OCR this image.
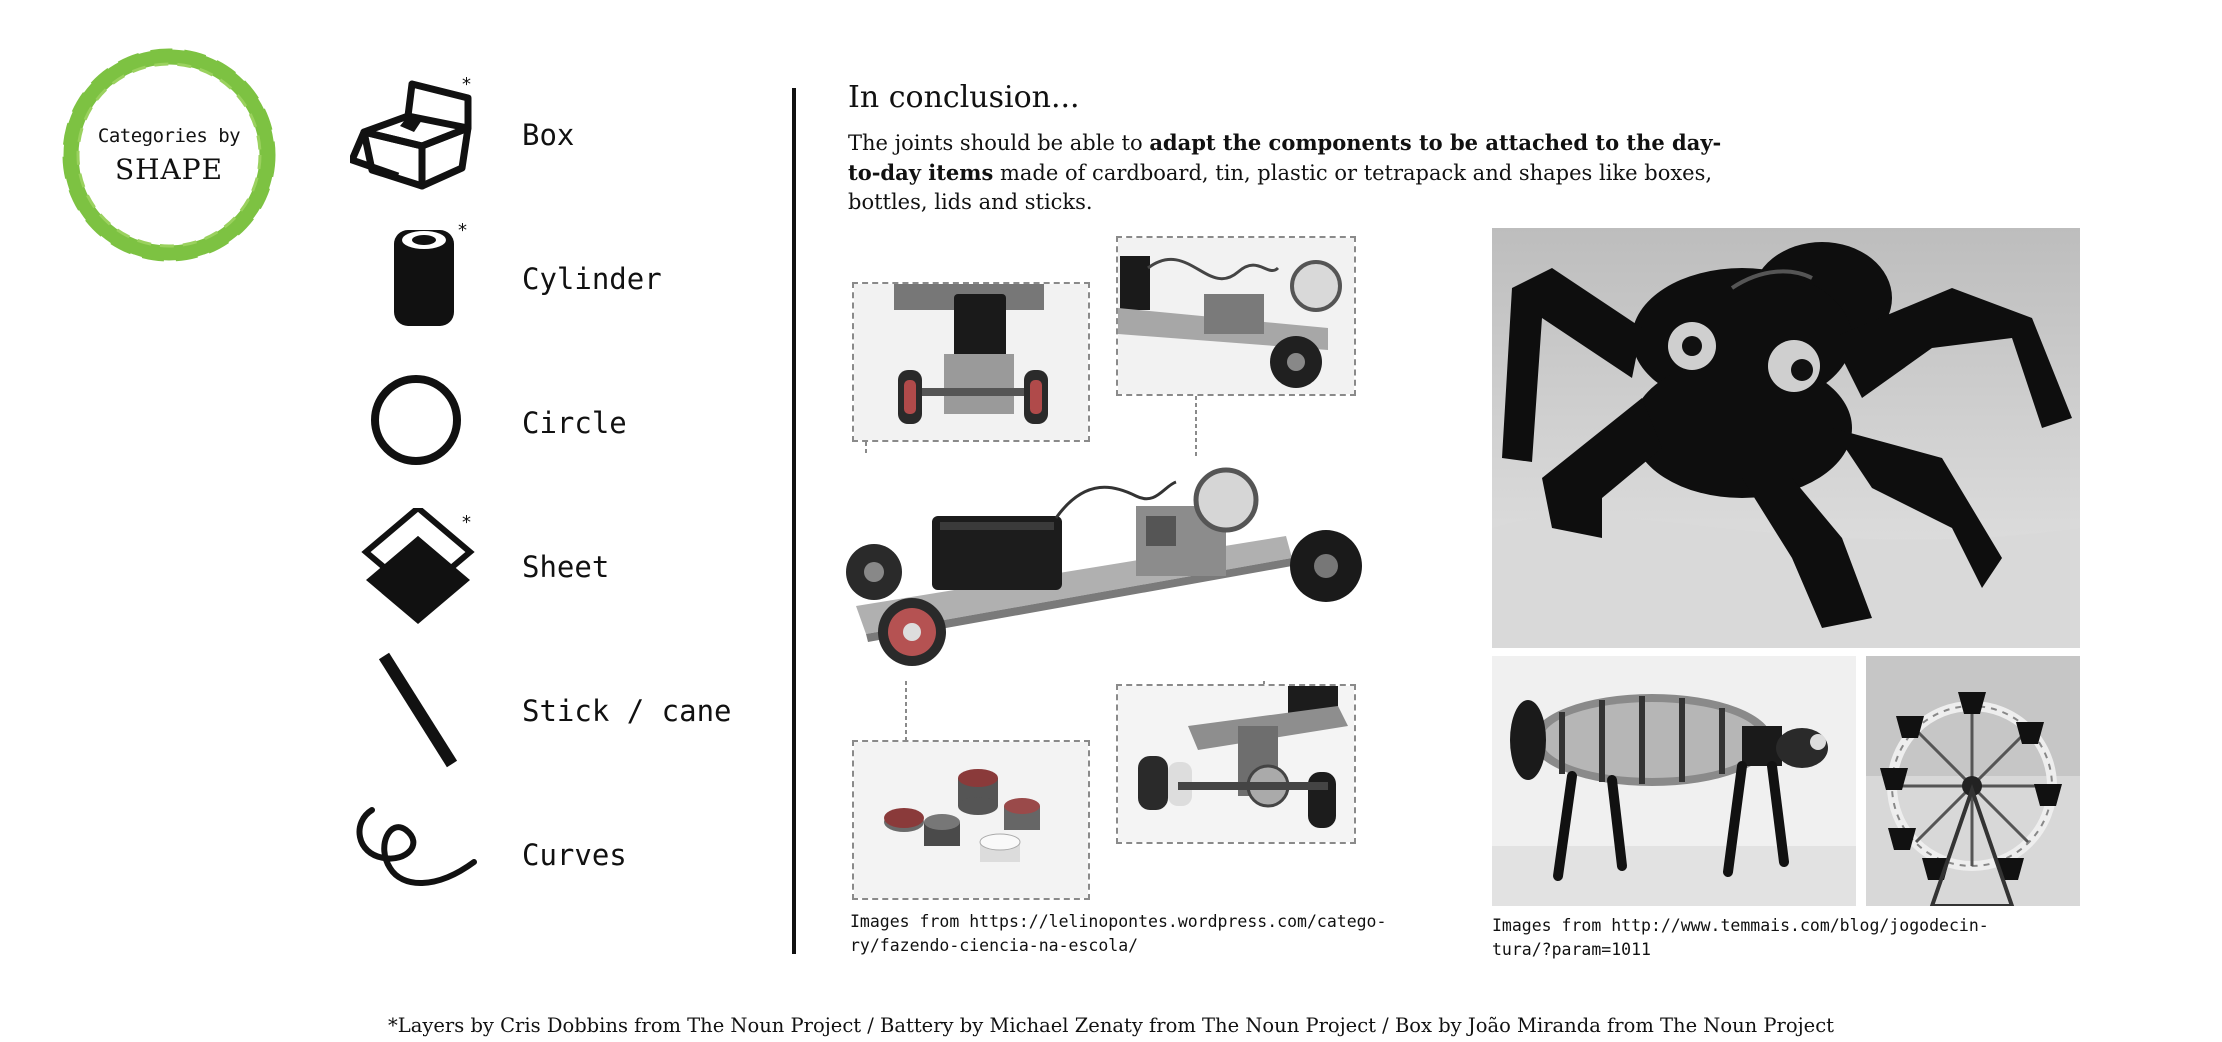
Categories by
SHAPE
*
Box
*
Cylinder
Circle
*
Sheet
Stick / cane
Curves
In conclusion...
The joints should be able to adapt the components to be attached to the day-to-day items made of cardboard, tin, plastic or tetrapack and shapes like boxes, bottles, lids and sticks.
Images from https://lelinopontes.wordpress.com/catego-
ry/fazendo-ciencia-na-escola/
Images from http://www.temmais.com/blog/jogodecin-
tura/?param=1011
*Layers by Cris Dobbins from The Noun Project / Battery by Michael Zenaty from The Noun Project / Box by João Miranda from The Noun Project
